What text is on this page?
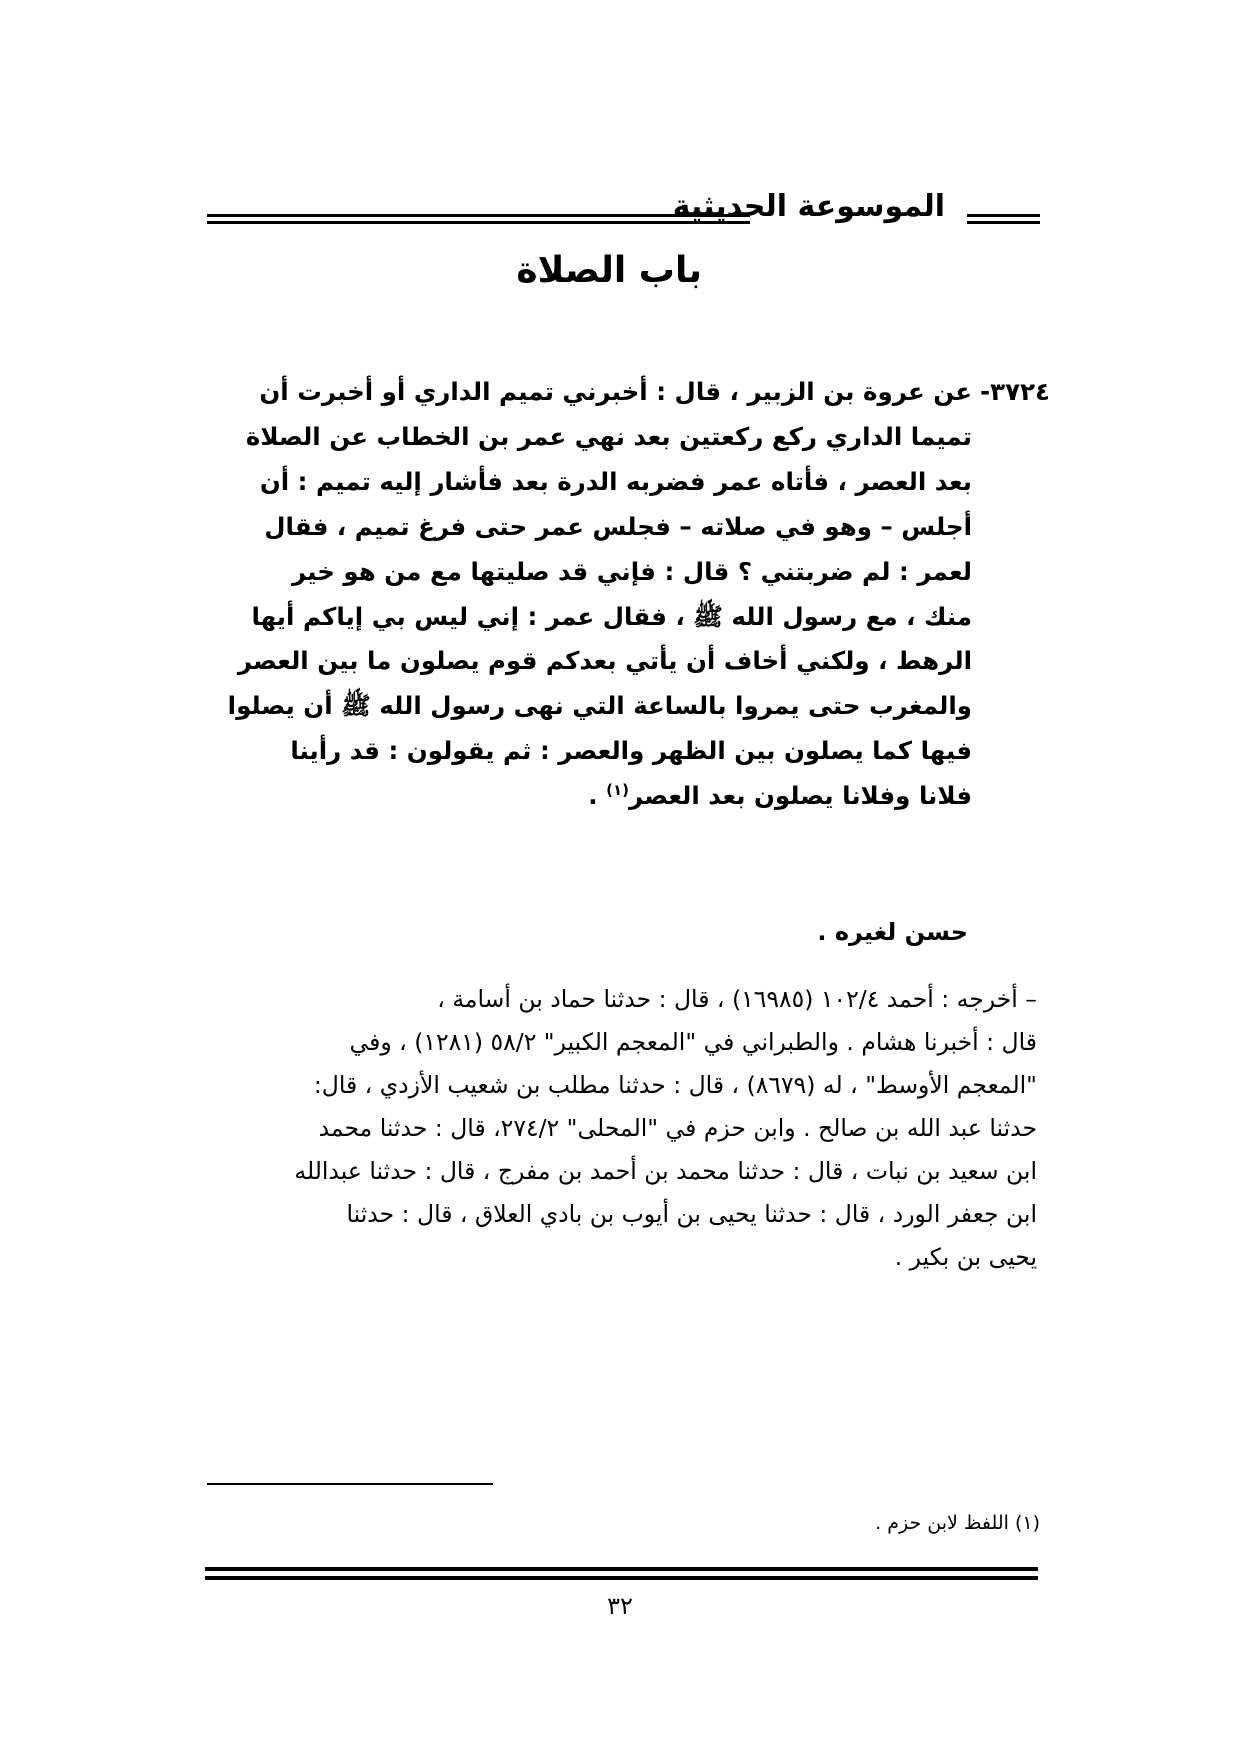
الموسوعة الحديثية
باب الصلاة
٣٧٢٤-
عن عروة بن الزبير ، قال : أخبرني تميم الداري أو أخبرت أن
تميما الداري ركع ركعتين بعد نهي عمر بن الخطاب عن الصلاة
بعد العصر ، فأتاه عمر فضربه الدرة بعد فأشار إليه تميم : أن
أجلس – وهو في صلاته – فجلس عمر حتى فرغ تميم ، فقال
لعمر : لم ضربتني ؟ قال : فإني قد صليتها مع من هو خير
منك ، مع رسول الله ﷺ ، فقال عمر : إني ليس بي إياكم أيها
الرهط ، ولكني أخاف أن يأتي بعدكم قوم يصلون ما بين العصر
والمغرب حتى يمروا بالساعة التي نهى رسول الله ﷺ أن يصلوا
فيها كما يصلون بين الظهر والعصر : ثم يقولون : قد رأينا
فلانا وفلانا يصلون بعد العصر$^{(١)}$ .
حسن لغيره .
– أخرجه : أحمد ١٠٢/٤ (١٦٩٨٥) ، قال : حدثنا حماد بن أسامة ،
قال : أخبرنا هشام . والطبراني في "المعجم الكبير" ٥٨/٢ (١٢٨١) ، وفي
"المعجم الأوسط" ، له (٨٦٧٩) ، قال : حدثنا مطلب بن شعيب الأزدي ، قال:
حدثنا عبد الله بن صالح . وابن حزم في "المحلى" ٢٧٤/٢، قال : حدثنا محمد
ابن سعيد بن نبات ، قال : حدثنا محمد بن أحمد بن مفرج ، قال : حدثنا عبدالله
ابن جعفر الورد ، قال : حدثنا يحيى بن أيوب بن بادي العلاق ، قال : حدثنا
يحيى بن بكير .
(١) اللفظ لابن حزم .
٣٢
